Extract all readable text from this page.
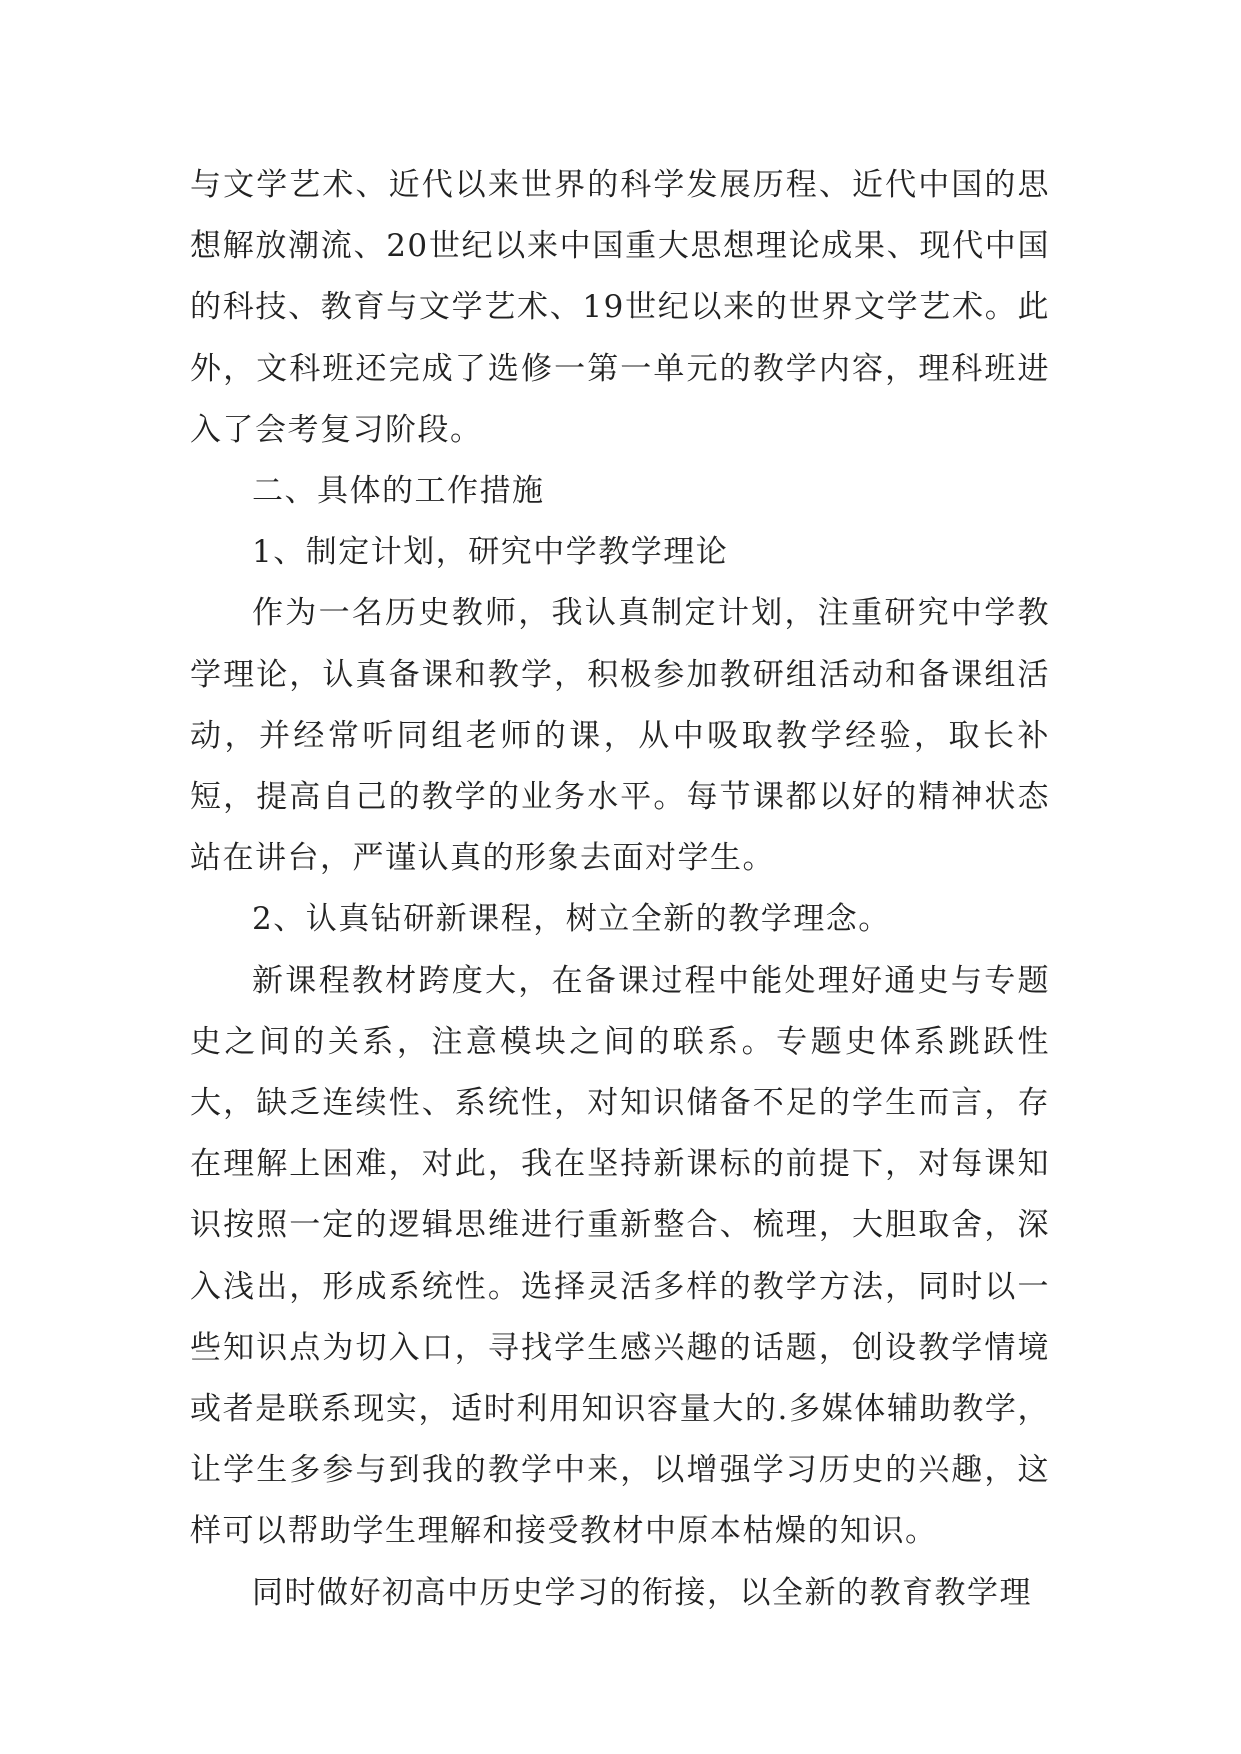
与文学艺术、近代以来世界的科学发展历程、近代中国的思想解放潮流、20世纪以来中国重大思想理论成果、现代中国的科技、教育与文学艺术、19世纪以来的世界文学艺术。此外，文科班还完成了选修一第一单元的教学内容，理科班进入了会考复习阶段。

二、具体的工作措施

1、制定计划，研究中学教学理论

作为一名历史教师，我认真制定计划，注重研究中学教学理论，认真备课和教学，积极参加教研组活动和备课组活动，并经常听同组老师的课，从中吸取教学经验，取长补短，提高自己的教学的业务水平。每节课都以好的精神状态站在讲台，严谨认真的形象去面对学生。

2、认真钻研新课程，树立全新的教学理念。

新课程教材跨度大，在备课过程中能处理好通史与专题史之间的关系，注意模块之间的联系。专题史体系跳跃性大，缺乏连续性、系统性，对知识储备不足的学生而言，存在理解上困难，对此，我在坚持新课标的前提下，对每课知识按照一定的逻辑思维进行重新整合、梳理，大胆取舍，深入浅出，形成系统性。选择灵活多样的教学方法，同时以一些知识点为切入口，寻找学生感兴趣的话题，创设教学情境或者是联系现实，适时利用知识容量大的.多媒体辅助教学，让学生多参与到我的教学中来，以增强学习历史的兴趣，这样可以帮助学生理解和接受教材中原本枯燥的知识。

同时做好初高中历史学习的衔接，以全新的教育教学理
